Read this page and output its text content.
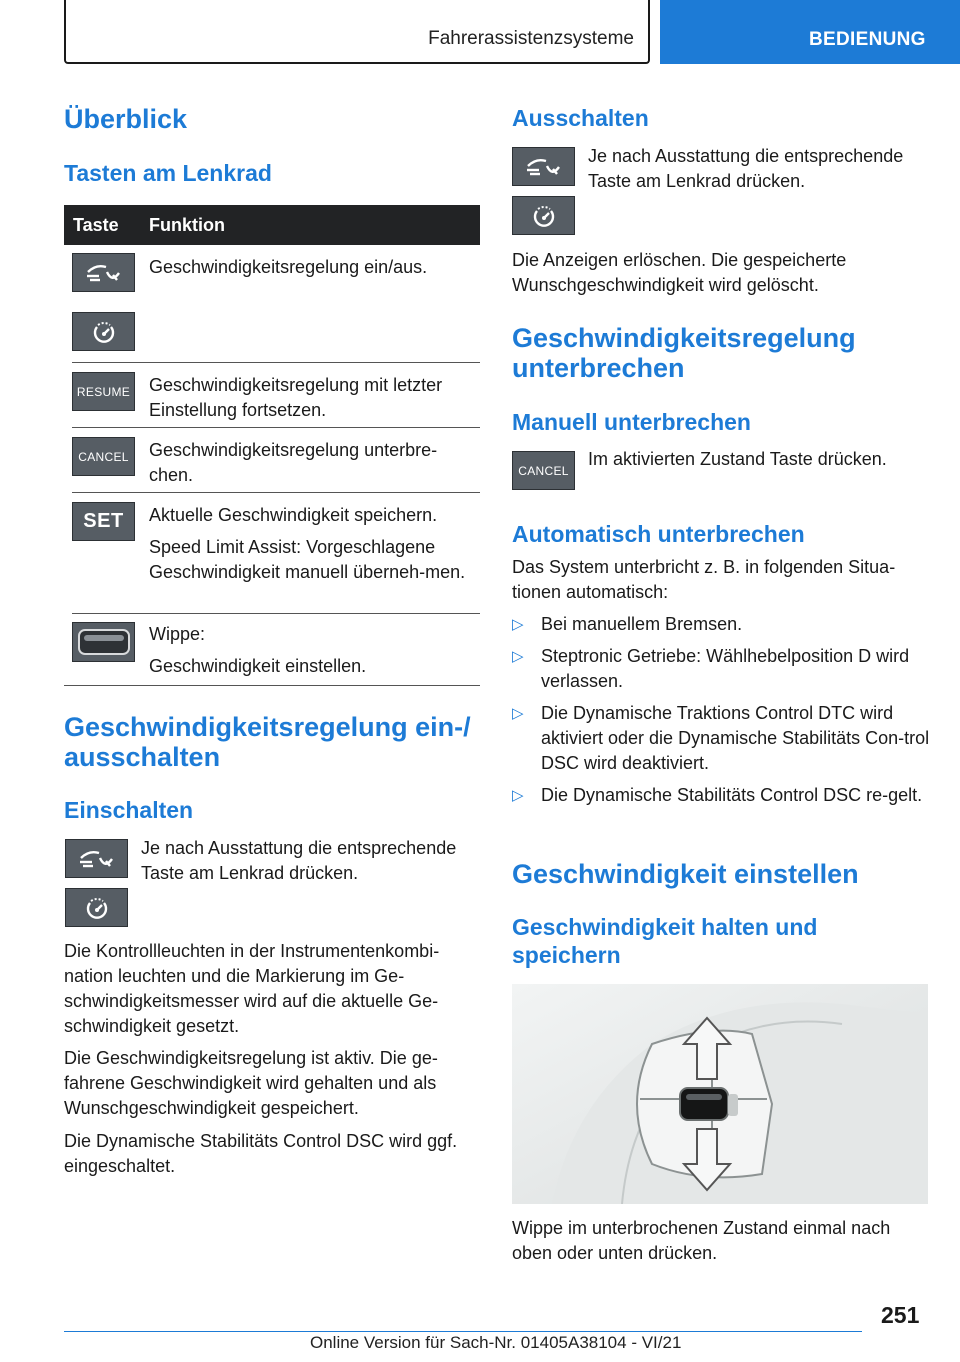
Fahrerassistenzsysteme	BEDIENUNG
Überblick
Tasten am Lenkrad
Taste Funktion

Geschwindigkeitsregelung ein/aus.

RESUME Geschwindigkeitsregelung mit letzter Einstellung fortsetzen.

CANCEL Geschwindigkeitsregelung unterbre-chen.

SET Aktuelle Geschwindigkeit speichern.

Speed Limit Assist: Vorgeschlagene Geschwindigkeit manuell überneh-men.

Wippe:

Geschwindigkeit einstellen.

Geschwindigkeitsregelung ein-/ ausschalten
Einschalten

Je nach Ausstattung die entsprechende Taste am Lenkrad drücken.

Die Kontrollleuchten in der Instrumentenkombi-nation leuchten und die Markierung im Ge-schwindigkeitsmesser wird auf die aktuelle Ge-schwindigkeit gesetzt.

Die Geschwindigkeitsregelung ist aktiv. Die ge-fahrene Geschwindigkeit wird gehalten und als Wunschgeschwindigkeit gespeichert.

Die Dynamische Stabilitäts Control DSC wird ggf. eingeschaltet.

Ausschalten

Je nach Ausstattung die entsprechende Taste am Lenkrad drücken.

Die Anzeigen erlöschen. Die gespeicherte Wunschgeschwindigkeit wird gelöscht.

Geschwindigkeitsregelung unterbrechen
Manuell unterbrechen
CANCEL

Im aktivierten Zustand Taste drücken.

Automatisch unterbrechen

Das System unterbricht z. B. in folgenden Situa-tionen automatisch:

▷ Bei manuellem Bremsen.
▷ Steptronic Getriebe: Wählhebelposition D wird verlassen.
▷ Die Dynamische Traktions Control DTC wird aktiviert oder die Dynamische Stabilitäts Con-trol DSC wird deaktiviert.
▷ Die Dynamische Stabilitäts Control DSC re-gelt.
Geschwindigkeit einstellen
Geschwindigkeit halten und speichern

Wippe im unterbrochenen Zustand einmal nach oben oder unten drücken.

251
Online Version für Sach-Nr. 01405A38104 - VI/21
